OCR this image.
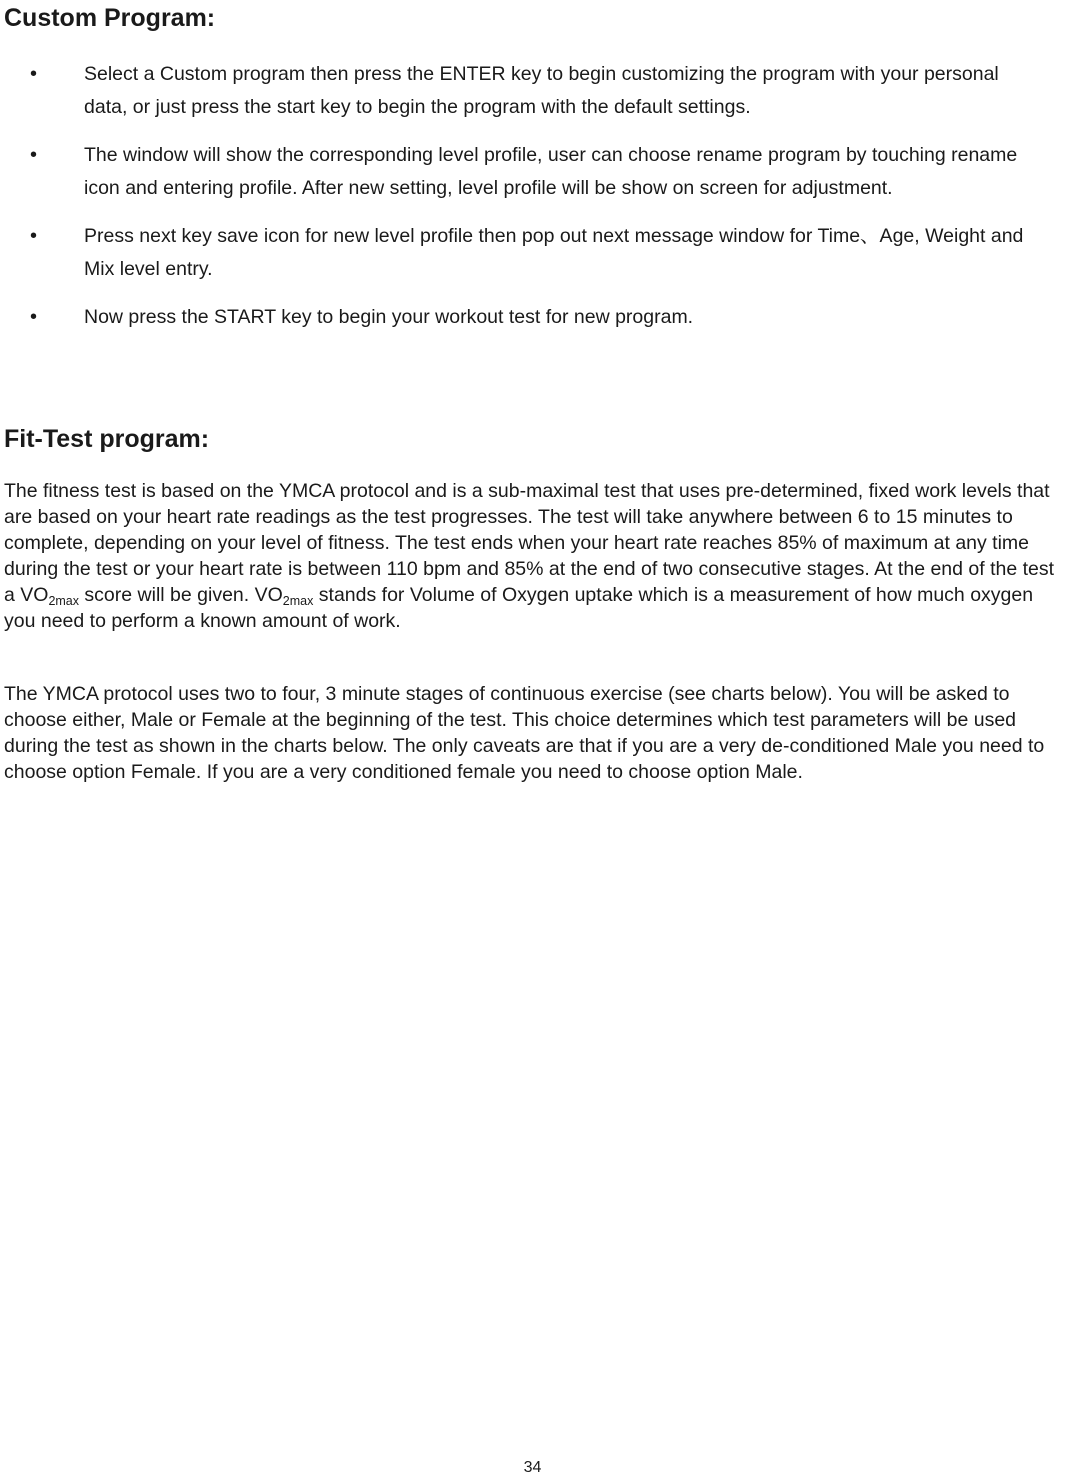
Custom Program:
• Select a Custom program then press the ENTER key to begin customizing the program with your personal data, or just press the start key to begin the program with the default settings.
• The window will show the corresponding level profile, user can choose rename program by touching rename icon and entering profile. After new setting, level profile will be show on screen for adjustment.
• Press next key save icon for new level profile then pop out next message window for Time、Age, Weight and Mix level entry.
• Now press the START key to begin your workout test for new program.
Fit-Test program:

The fitness test is based on the YMCA protocol and is a sub-maximal test that uses pre-determined, fixed work levels that are based on your heart rate readings as the test progresses. The test will take anywhere between 6 to 15 minutes to complete, depending on your level of fitness. The test ends when your heart rate reaches 85% of maximum at any time during the test or your heart rate is between 110 bpm and 85% at the end of two consecutive stages. At the end of the test a $VO_{2max}$ score will be given. $VO_{2max}$ stands for Volume of Oxygen uptake which is a measurement of how much oxygen you need to perform a known amount of work.

The YMCA protocol uses two to four, 3 minute stages of continuous exercise (see charts below). You will be asked to choose either, Male or Female at the beginning of the test. This choice determines which test parameters will be used during the test as shown in the charts below. The only caveats are that if you are a very de-conditioned Male you need to choose option Female. If you are a very conditioned female you need to choose option Male.

34
